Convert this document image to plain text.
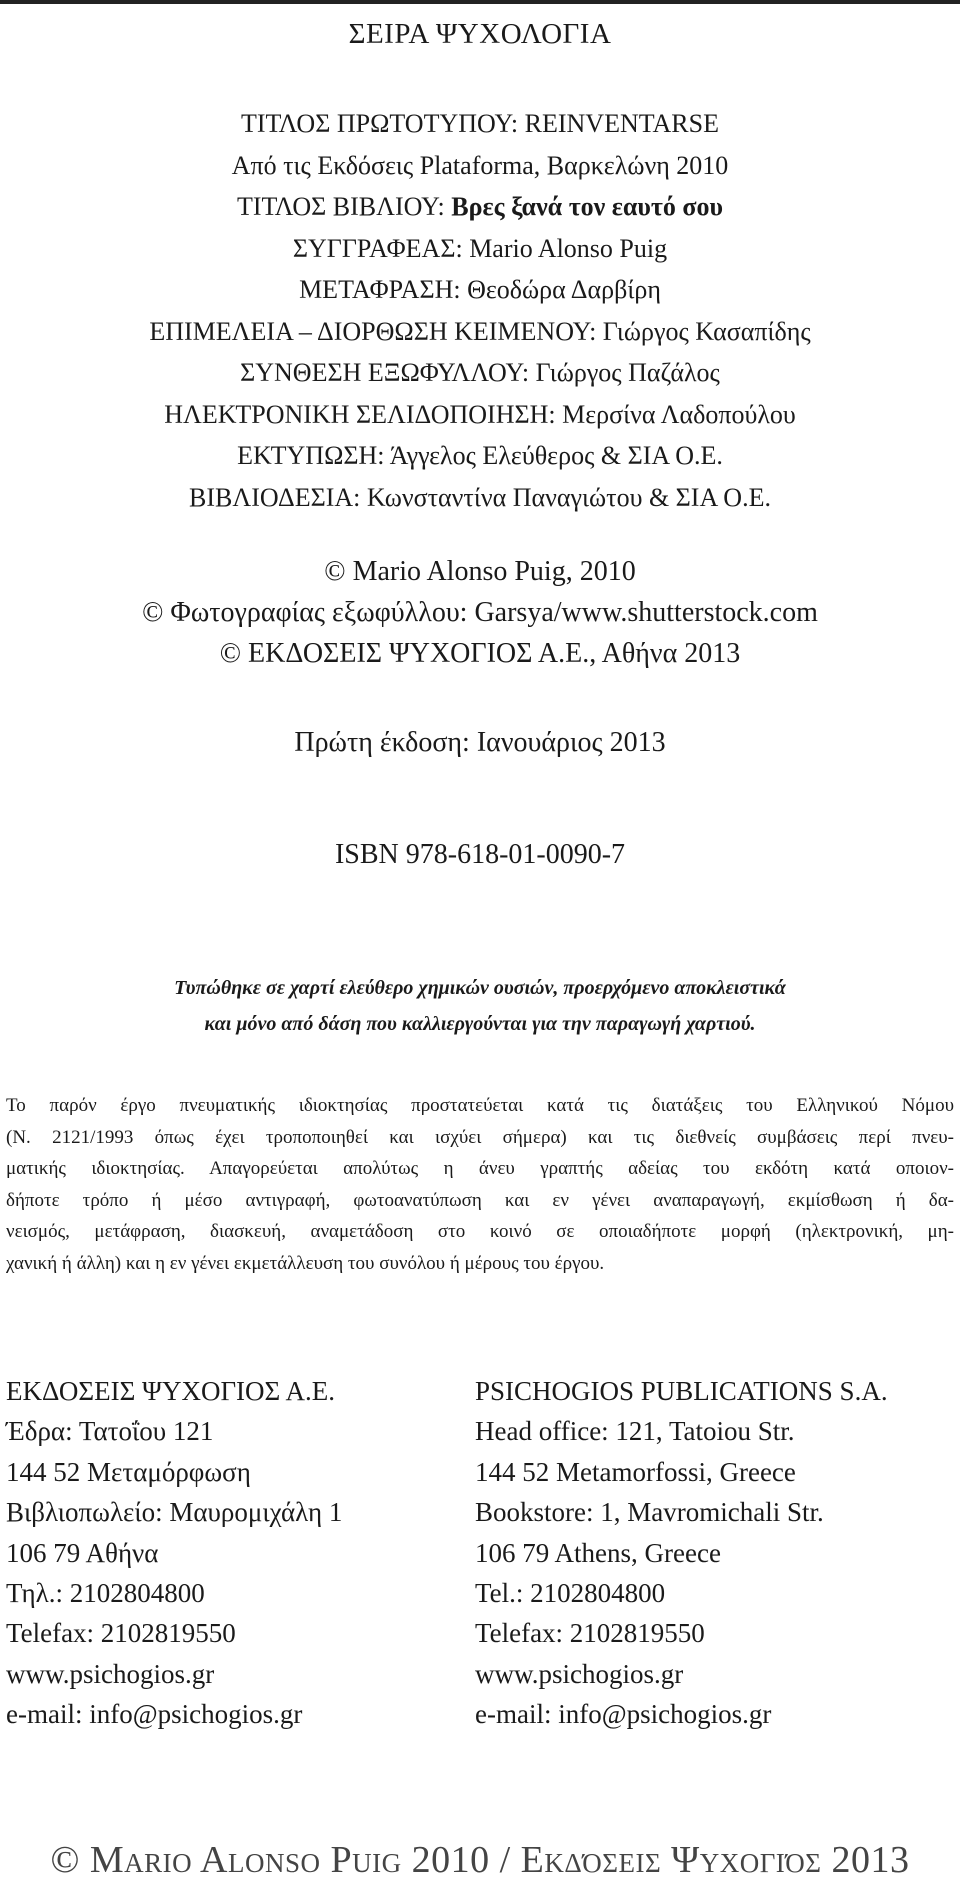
ΣΕΙΡΑ ΨΥΧΟΛΟΓΙΑ
ΤΙΤΛΟΣ ΠΡΩΤΟΤΥΠΟΥ: REINVENTARSE
Από τις Εκδόσεις Plataforma, Βαρκελώνη 2010
ΤΙΤΛΟΣ ΒΙΒΛΙΟΥ: Βρες ξανά τον εαυτό σου
ΣΥΓΓΡΑΦΕΑΣ: Mario Alonso Puig
ΜΕΤΑΦΡΑΣΗ: Θεοδώρα Δαρβίρη
ΕΠΙΜΕΛΕΙΑ – ΔΙΟΡΘΩΣΗ ΚΕΙΜΕΝΟΥ: Γιώργος Κασαπίδης
ΣΥΝΘΕΣΗ ΕΞΩΦΥΛΛΟΥ: Γιώργος Παζάλος
ΗΛΕΚΤΡΟΝΙΚΗ ΣΕΛΙΔΟΠΟΙΗΣΗ: Μερσίνα Λαδοπούλου
ΕΚΤΥΠΩΣΗ: Άγγελος Ελεύθερος & ΣΙΑ Ο.Ε.
ΒΙΒΛΙΟΔΕΣΙΑ: Κωνσταντίνα Παναγιώτου & ΣΙΑ Ο.Ε.
© Mario Alonso Puig, 2010
© Φωτογραφίας εξωφύλλου: Garsya/www.shutterstock.com
© ΕΚΔΟΣΕΙΣ ΨΥΧΟΓΙΟΣ Α.Ε., Αθήνα 2013
Πρώτη έκδοση: Ιανουάριος 2013
ISBN 978-618-01-0090-7
Τυπώθηκε σε χαρτί ελεύθερο χημικών ουσιών, προερχόμενο αποκλειστικά
και μόνο από δάση που καλλιεργούνται για την παραγωγή χαρτιού.
Το παρόν έργο πνευματικής ιδιοκτησίας προστατεύεται κατά τις διατάξεις του Ελληνικού Νόμου
(Ν. 2121/1993 όπως έχει τροποποιηθεί και ισχύει σήμερα) και τις διεθνείς συμβάσεις περί πνευ-
ματικής ιδιοκτησίας. Απαγορεύεται απολύτως η άνευ γραπτής αδείας του εκδότη κατά οποιον-
δήποτε τρόπο ή μέσο αντιγραφή, φωτοανατύπωση και εν γένει αναπαραγωγή, εκμίσθωση ή δα-
νεισμός, μετάφραση, διασκευή, αναμετάδοση στο κοινό σε οποιαδήποτε μορφή (ηλεκτρονική, μη-
χανική ή άλλη) και η εν γένει εκμετάλλευση του συνόλου ή μέρους του έργου.
ΕΚΔΟΣΕΙΣ ΨΥΧΟΓΙΟΣ Α.Ε.
Έδρα: Τατοΐου 121
144 52 Μεταμόρφωση
Βιβλιοπωλείο: Μαυρομιχάλη 1
106 79 Αθήνα
Τηλ.: 2102804800
Telefax: 2102819550
www.psichogios.gr
e-mail: info@psichogios.gr
PSICHOGIOS PUBLICATIONS S.A.
Head office: 121, Tatoiou Str.
144 52 Metamorfossi, Greece
Bookstore: 1, Mavromichali Str.
106 79 Athens, Greece
Tel.: 2102804800
Telefax: 2102819550
www.psichogios.gr
e-mail: info@psichogios.gr
© Mario Alonso Puig 2010 / Εκδόσεις Ψυχογιός 2013
